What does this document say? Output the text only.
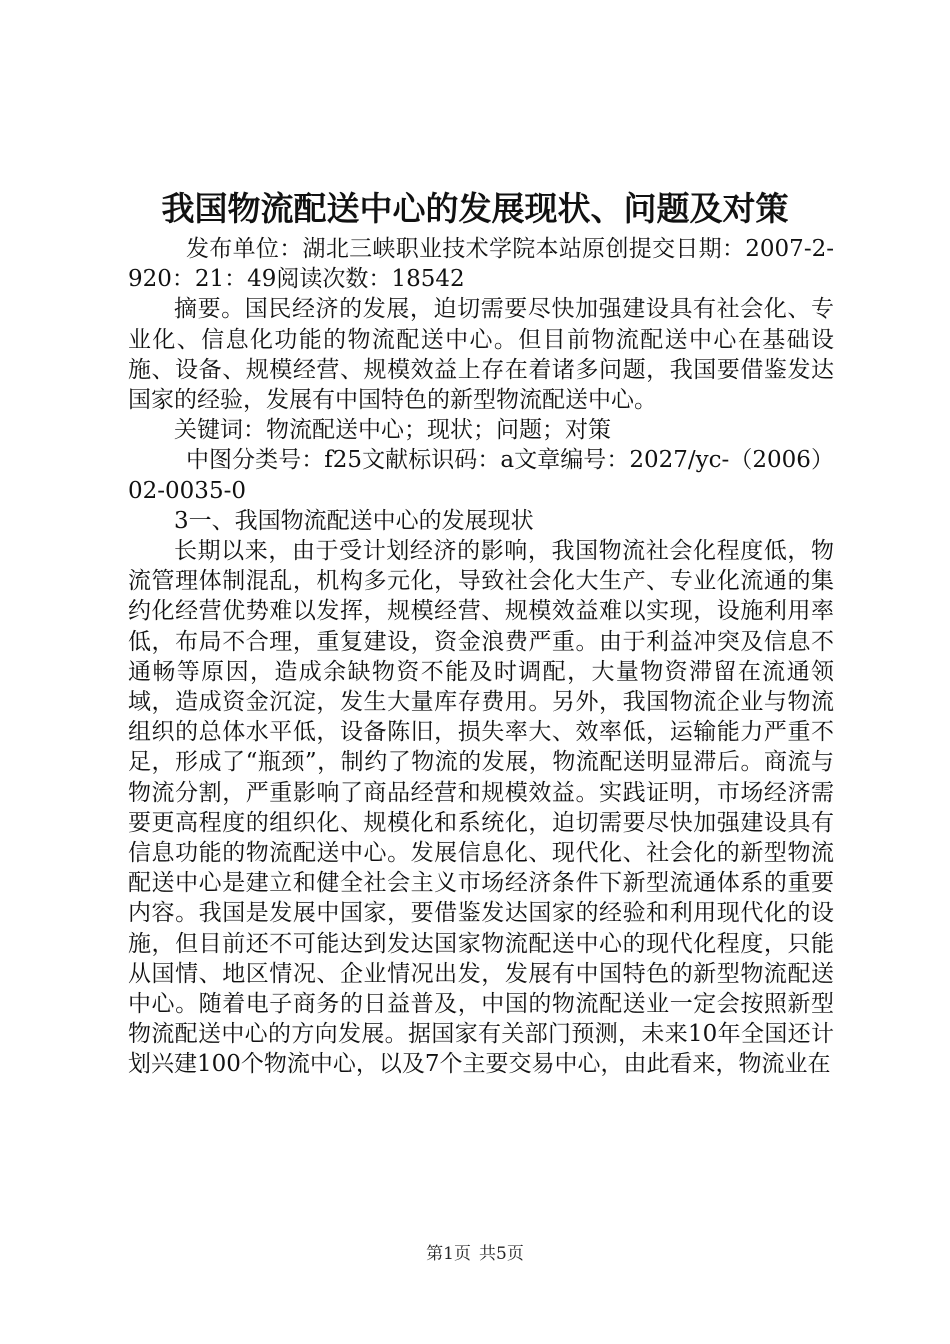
我国物流配送中心的发展现状、问题及对策

发布单位：湖北三峡职业技术学院本站原创提交日期：2007-2-920：21：49阅读次数：18542

摘要。国民经济的发展，迫切需要尽快加强建设具有社会化、专业化、信息化功能的物流配送中心。但目前物流配送中心在基础设施、设备、规模经营、规模效益上存在着诸多问题，我国要借鉴发达国家的经验，发展有中国特色的新型物流配送中心。

关键词：物流配送中心；现状；问题；对策

中图分类号：f25文献标识码：a文章编号：2027/yc-（2006）02-0035-0

3一、我国物流配送中心的发展现状

长期以来，由于受计划经济的影响，我国物流社会化程度低，物流管理体制混乱，机构多元化，导致社会化大生产、专业化流通的集约化经营优势难以发挥，规模经营、规模效益难以实现，设施利用率低，布局不合理，重复建设，资金浪费严重。由于利益冲突及信息不通畅等原因，造成余缺物资不能及时调配，大量物资滞留在流通领域，造成资金沉淀，发生大量库存费用。另外，我国物流企业与物流组织的总体水平低，设备陈旧，损失率大、效率低，运输能力严重不足，形成了“瓶颈”，制约了物流的发展，物流配送明显滞后。商流与物流分割，严重影响了商品经营和规模效益。实践证明，市场经济需要更高程度的组织化、规模化和系统化，迫切需要尽快加强建设具有信息功能的物流配送中心。发展信息化、现代化、社会化的新型物流配送中心是建立和健全社会主义市场经济条件下新型流通体系的重要内容。我国是发展中国家，要借鉴发达国家的经验和利用现代化的设施，但目前还不可能达到发达国家物流配送中心的现代化程度，只能从国情、地区情况、企业情况出发，发展有中国特色的新型物流配送中心。随着电子商务的日益普及，中国的物流配送业一定会按照新型物流配送中心的方向发展。据国家有关部门预测，未来10年全国还计划兴建100个物流中心，以及7个主要交易中心，由此看来，物流业在

第1页 共5页
